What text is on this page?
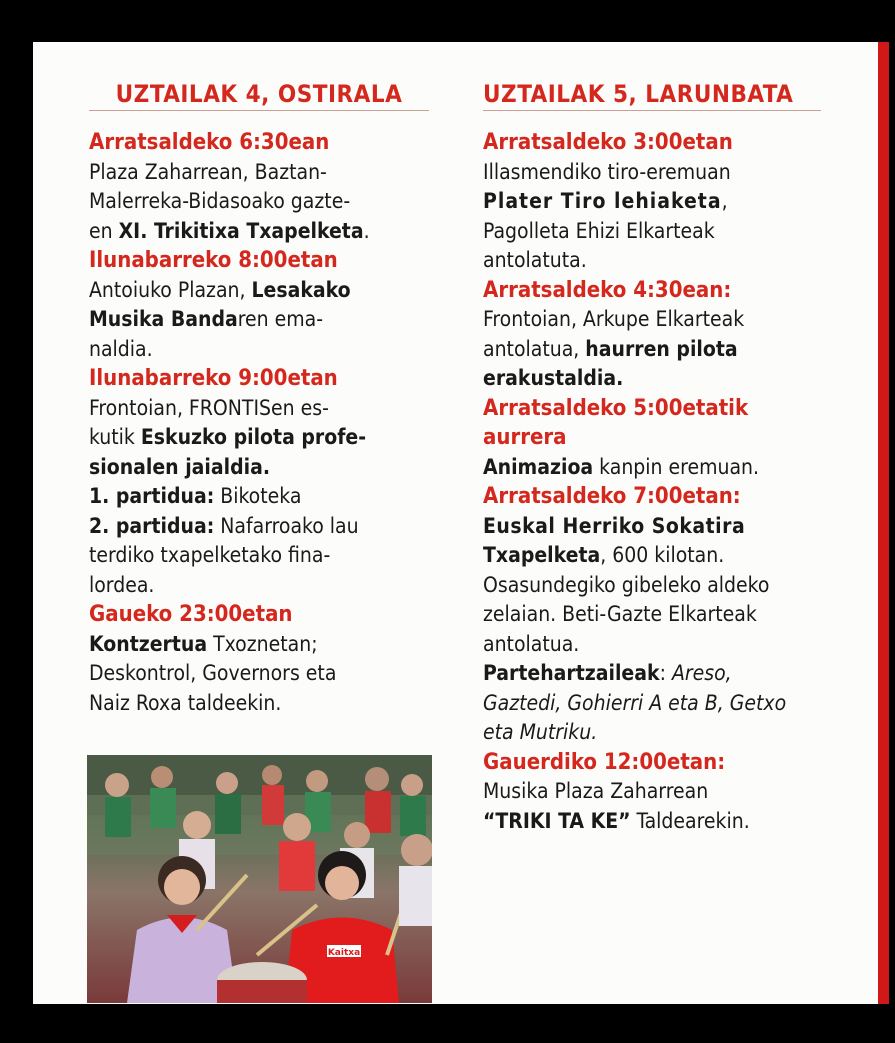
UZTAILAK 4, OSTIRALA
Arratsaldeko 6:30ean
Plaza Zaharrean, Baztan-
Malerreka-Bidasoako gazte-
en XI. Trikitixa Txapelketa.
Ilunabarreko 8:00etan
Antoiuko Plazan, Lesakako
Musika Bandaren ema-
naldia.
Ilunabarreko 9:00etan
Frontoian, FRONTISen es-
kutik Eskuzko pilota profe-
sionalen jaialdia.
1. partidua: Bikoteka
2. partidua: Nafarroako lau
terdiko txapelketako fina-
lordea.
Gaueko 23:00etan
Kontzertua Txoznetan;
Deskontrol, Governors eta
Naiz Roxa taldeekin.
UZTAILAK 5, LARUNBATA
Arratsaldeko 3:00etan
Illasmendiko tiro-eremuan
Plater Tiro lehiaketa,
Pagolleta Ehizi Elkarteak
antolatuta.
Arratsaldeko 4:30ean:
Frontoian, Arkupe Elkarteak
antolatua, haurren pilota
erakustaldia.
Arratsaldeko 5:00etatik
aurrera
Animazioa kanpin eremuan.
Arratsaldeko 7:00etan:
Euskal Herriko Sokatira
Txapelketa, 600 kilotan.
Osasundegiko gibeleko aldeko
zelaian. Beti-Gazte Elkarteak
antolatua.
Partehartzaileak: Areso,
Gaztedi, Gohierri A eta B, Getxo
eta Mutriku.
Gauerdiko 12:00etan:
Musika Plaza Zaharrean
“TRIKI TA KE” Taldearekin.
Kaitxa
